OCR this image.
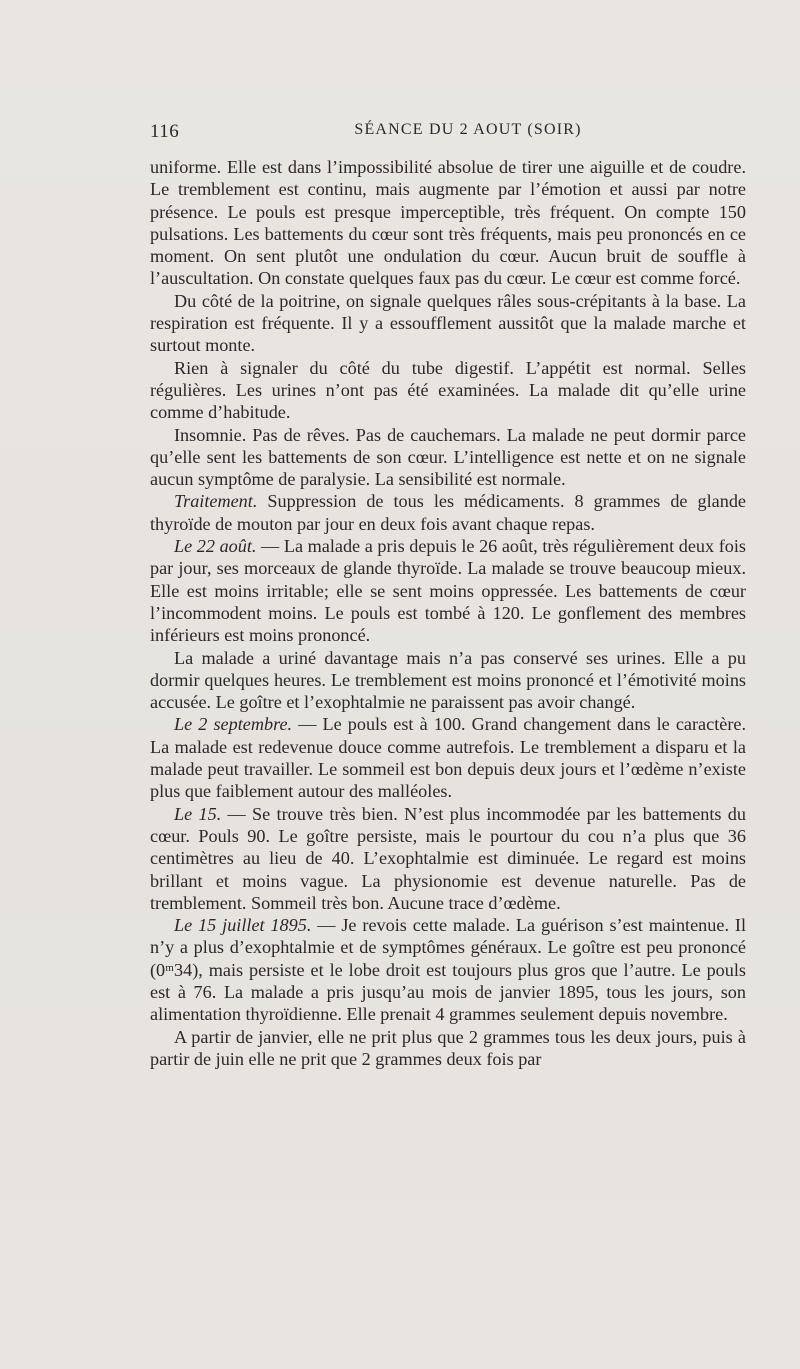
116	SÉANCE DU 2 AOUT (SOIR)

uniforme. Elle est dans l’impossibilité absolue de tirer une aiguille et de coudre. Le tremblement est continu, mais augmente par l’émotion et aussi par notre présence. Le pouls est presque imperceptible, très fréquent. On compte 150 pulsations. Les battements du cœur sont très fréquents, mais peu prononcés en ce moment. On sent plutôt une ondulation du cœur. Aucun bruit de souffle à l’auscultation. On constate quelques faux pas du cœur. Le cœur est comme forcé.

Du côté de la poitrine, on signale quelques râles sous-crépitants à la base. La respiration est fréquente. Il y a essoufflement aussitôt que la malade marche et surtout monte.

Rien à signaler du côté du tube digestif. L’appétit est normal. Selles régulières. Les urines n’ont pas été examinées. La malade dit qu’elle urine comme d’habitude.

Insomnie. Pas de rêves. Pas de cauchemars. La malade ne peut dormir parce qu’elle sent les battements de son cœur. L’intelligence est nette et on ne signale aucun symptôme de paralysie. La sensibilité est normale.

Traitement. Suppression de tous les médicaments. 8 grammes de glande thyroïde de mouton par jour en deux fois avant chaque repas.

Le 22 août. — La malade a pris depuis le 26 août, très régulièrement deux fois par jour, ses morceaux de glande thyroïde. La malade se trouve beaucoup mieux. Elle est moins irritable; elle se sent moins oppressée. Les battements de cœur l’incommodent moins. Le pouls est tombé à 120. Le gonflement des membres inférieurs est moins prononcé.

La malade a uriné davantage mais n’a pas conservé ses urines. Elle a pu dormir quelques heures. Le tremblement est moins prononcé et l’émotivité moins accusée. Le goître et l’exophtalmie ne paraissent pas avoir changé.

Le 2 septembre. — Le pouls est à 100. Grand changement dans le caractère. La malade est redevenue douce comme autrefois. Le tremblement a disparu et la malade peut travailler. Le sommeil est bon depuis deux jours et l’œdème n’existe plus que faiblement autour des malléoles.

Le 15. — Se trouve très bien. N’est plus incommodée par les battements du cœur. Pouls 90. Le goître persiste, mais le pourtour du cou n’a plus que 36 centimètres au lieu de 40. L’exophtalmie est diminuée. Le regard est moins brillant et moins vague. La physionomie est devenue naturelle. Pas de tremblement. Sommeil très bon. Aucune trace d’œdème.

Le 15 juillet 1895. — Je revois cette malade. La guérison s’est maintenue. Il n’y a plus d’exophtalmie et de symptômes généraux. Le goître est peu prononcé (0ᵐ34), mais persiste et le lobe droit est toujours plus gros que l’autre. Le pouls est à 76. La malade a pris jusqu’au mois de janvier 1895, tous les jours, son alimentation thyroïdienne. Elle prenait 4 grammes seulement depuis novembre.

A partir de janvier, elle ne prit plus que 2 grammes tous les deux jours, puis à partir de juin elle ne prit que 2 grammes deux fois par
